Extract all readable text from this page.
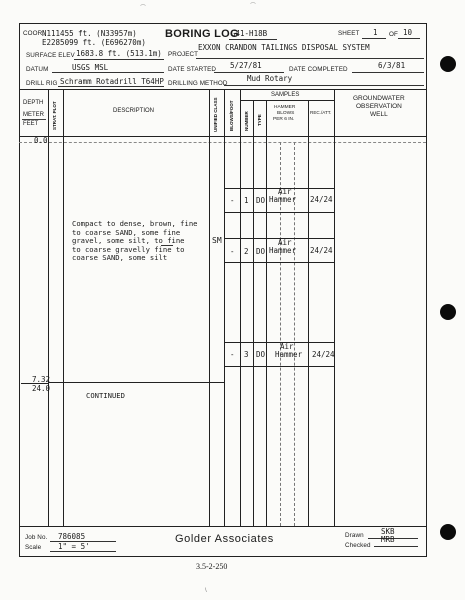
⌒	⌒
COOR.
N111455 ft. (N33957m)
E2285099 ft. (E696270m)
BORING LOG
G41-H18B	SHEET 1 OF 10
SURFACE ELEV 1683.8 ft. (513.1m) PROJECT
EXXON CRANDON TAILINGS DISPOSAL SYSTEM
DATUM	USGS MSL	DATE STARTED 5/27/81	DATE COMPLETED	6/3/81
DRILL RIG Schramm Rotadrill T64HP DRILLING METHOD
Mud Rotary
DEPTH
METER
FEET	STRAT. PLOT	DESCRIPTION	UNIFIED CLASS BLOWS/FOOT
SAMPLES
NUMBER TYPE
HAMMER
BLOWS
PER 6 IN.
REC./ATT.
GROUNDWATER
OBSERVATION
WELL
0.0
Compact to dense, brown, fine
to coarse SAND, some fine
gravel, some silt, to fine
to coarse gravelly fine to
coarse SAND, some silt
SM
7.32
24.0
CONTINUED
- 1 DO
Air
Hammer 24/24
- 2 DO
Air
Hammer 24/24
- 3 DO
Air
Hammer 24/24
Job No. 786085
Scale 1" = 5'
Golder Associates	Drawn SKB
Checked
MRB
3.5-2-250
\
